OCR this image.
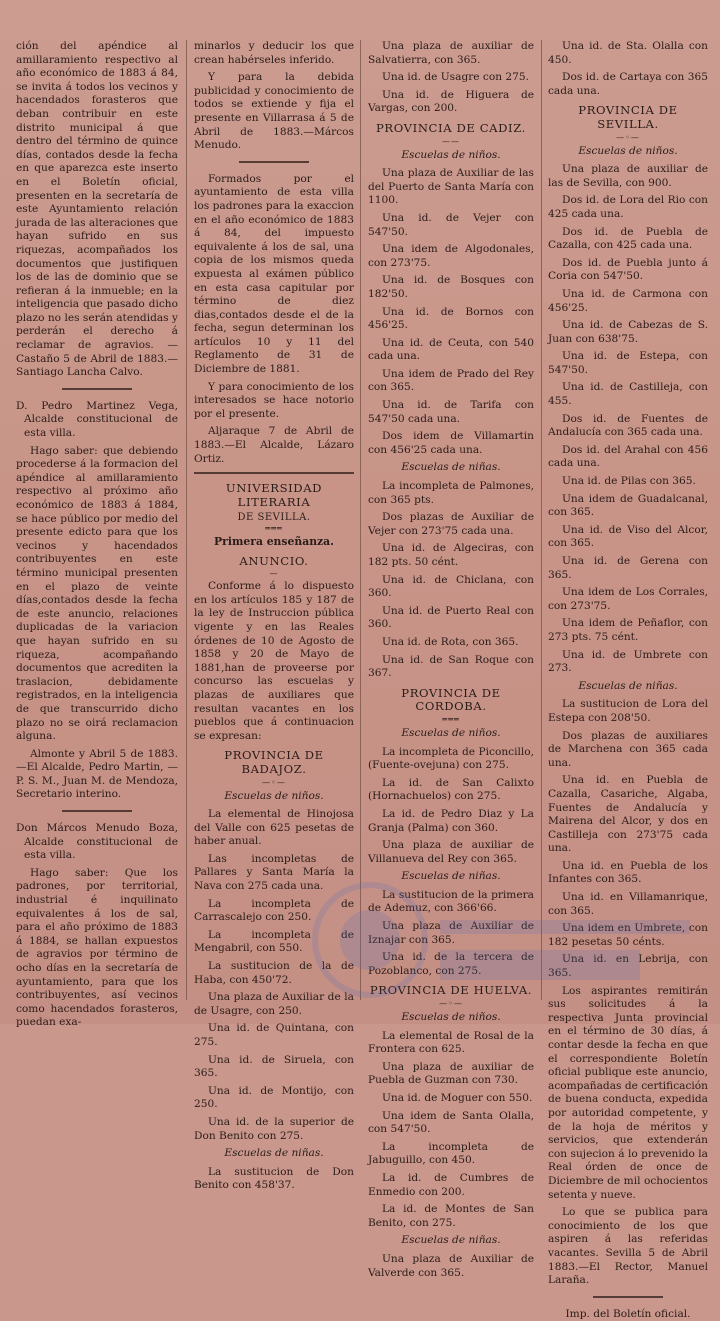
ción del apéndice al amillaramiento respectivo al año económico de 1883 á 84, se invita á todos los vecinos y hacendados forasteros que deban contribuir en este distrito municipal á que dentro del término de quince días, contados desde la fecha en que aparezca este inserto en el Boletín oficial, presenten en la secretaría de este Ayuntamiento relación jurada de las alteraciones que hayan sufrido en sus riquezas, acompañados los documentos que justifiquen los de las de dominio que se refieran á la inmueble; en la inteligencia que pasado dicho plazo no les serán atendidas y perderán el derecho á reclamar de agravios. —Castaño 5 de Abril de 1883.—Santiago Lancha Calvo.

D. Pedro Martinez Vega, Alcalde constitucional de esta villa.

Hago saber: que debiendo procederse á la formacion del apéndice al amillaramiento respectivo al próximo año económico de 1883 á 1884, se hace público por medio del presente edicto para que los vecinos y hacendados contribuyentes en este término municipal presenten en el plazo de veinte días,contados desde la fecha de este anuncio, relaciones duplicadas de la variacion que hayan sufrido en su riqueza, acompañando documentos que acrediten la traslacion, debidamente registrados, en la inteligencia de que transcurrido dicho plazo no se oirá reclamacion alguna.

Almonte y Abril 5 de 1883. —El Alcalde, Pedro Martin, —P. S. M., Juan M. de Mendoza, Secretario interino.

Don Márcos Menudo Boza, Alcalde constitucional de esta villa.

Hago saber: Que los padrones, por territorial, industrial é inquilinato equivalentes á los de sal, para el año próximo de 1883 á 1884, se hallan expuestos de agravios por término de ocho días en la secretaría de ayuntamiento, para que los contribuyentes, así vecinos como hacendados forasteros, puedan exa-

minarlos y deducir los que crean habérseles inferido.

Y para la debida publicidad y conocimiento de todos se extiende y fija el presente en Villarrasa á 5 de Abril de 1883.—Márcos Menudo.

Formados por el ayuntamiento de esta villa los padrones para la exaccion en el año económico de 1883 á 84, del impuesto equivalente á los de sal, una copia de los mismos queda expuesta al exámen público en esta casa capitular por término de diez dias,contados desde el de la fecha, segun determinan los artículos 10 y 11 del Reglamento de 31 de Diciembre de 1881.

Y para conocimiento de los interesados se hace notorio por el presente.

Aljaraque 7 de Abril de 1883.—El Alcalde, Lázaro Ortiz.

UNIVERSIDAD LITERARIA
DE SEVILLA.
═══
Primera enseñanza.
ANUNCIO.
—

Conforme á lo dispuesto en los artículos 185 y 187 de la ley de Instruccion pública vigente y en las Reales órdenes de 10 de Agosto de 1858 y 20 de Mayo de 1881,han de proveerse por concurso las escuelas y plazas de auxiliares que resultan vacantes en los pueblos que á continuacion se expresan:

PROVINCIA DE BADAJOZ.
—◦—
Escuelas de niños.

La elemental de Hinojosa del Valle con 625 pesetas de haber anual.

Las incompletas de Pallares y Santa María la Nava con 275 cada una.

La incompleta de Carrascalejo con 250.

La incompleta de Mengabril, con 550.

La sustitucion de la de Haba, con 450'72.

Una plaza de Auxiliar de la de Usagre, con 250.

Una id. de Quintana, con 275.

Una id. de Siruela, con 365.

Una id. de Montijo, con 250.

Una id. de la superior de Don Benito con 275.

Escuelas de niñas.

La sustitucion de Don Benito con 458'37.

Una plaza de auxiliar de Salvatierra, con 365.

Una id. de Usagre con 275.

Una id. de Higuera de Vargas, con 200.

PROVINCIA DE CADIZ.
——
Escuelas de niños.

Una plaza de Auxiliar de las del Puerto de Santa María con 1100.

Una id. de Vejer con 547'50.

Una idem de Algodonales, con 273'75.

Una id. de Bosques con 182'50.

Una id. de Bornos con 456'25.

Una id. de Ceuta, con 540 cada una.

Una idem de Prado del Rey con 365.

Una id. de Tarifa con 547'50 cada una.

Dos idem de Villamartin con 456'25 cada una.

Escuelas de niñas.

La incompleta de Palmones, con 365 pts.

Dos plazas de Auxiliar de Vejer con 273'75 cada una.

Una id. de Algeciras, con 182 pts. 50 cént.

Una id. de Chiclana, con 360.

Una id. de Puerto Real con 360.

Una id. de Rota, con 365.

Una id. de San Roque con 367.

PROVINCIA DE CORDOBA.
═══
Escuelas de niños.

La incompleta de Piconcillo, (Fuente-ovejuna) con 275.

La id. de San Calixto (Hornachuelos) con 275.

La id. de Pedro Diaz y La Granja (Palma) con 360.

Una plaza de auxiliar de Villanueva del Rey con 365.

Escuelas de niñas.

La sustitucion de la primera de Ademuz, con 366'66.

Una plaza de Auxiliar de Iznajar con 365.

Una id. de la tercera de Pozoblanco, con 275.

PROVINCIA DE HUELVA.
—◦—
Escuelas de niños.

La elemental de Rosal de la Frontera con 625.

Una plaza de auxiliar de Puebla de Guzman con 730.

Una id. de Moguer con 550.

Una idem de Santa Olalla, con 547'50.

La incompleta de Jabuguillo, con 450.

La id. de Cumbres de Enmedio con 200.

La id. de Montes de San Benito, con 275.

Escuelas de niñas.

Una plaza de Auxiliar de Valverde con 365.

Una id. de Sta. Olalla con 450.

Dos id. de Cartaya con 365 cada una.

PROVINCIA DE SEVILLA.
—◦—
Escuelas de niños.

Una plaza de auxiliar de las de Sevilla, con 900.

Dos id. de Lora del Rio con 425 cada una.

Dos id. de Puebla de Cazalla, con 425 cada una.

Dos id. de Puebla junto á Coria con 547'50.

Una id. de Carmona con 456'25.

Una id. de Cabezas de S. Juan con 638'75.

Una id. de Estepa, con 547'50.

Una id. de Castilleja, con 455.

Dos id. de Fuentes de Andalucía con 365 cada una.

Dos id. del Arahal con 456 cada una.

Una id. de Pilas con 365.

Una idem de Guadalcanal, con 365.

Una id. de Viso del Alcor, con 365.

Una id. de Gerena con 365.

Una idem de Los Corrales, con 273'75.

Una idem de Peñaflor, con 273 pts. 75 cént.

Una id. de Umbrete con 273.

Escuelas de niñas.

La sustitucion de Lora del Estepa con 208'50.

Dos plazas de auxiliares de Marchena con 365 cada una.

Una id. en Puebla de Cazalla, Casariche, Algaba, Fuentes de Andalucía y Mairena del Alcor, y dos en Castilleja con 273'75 cada una.

Una id. en Puebla de los Infantes con 365.

Una id. en Villamanrique, con 365.

Una idem en Umbrete, con 182 pesetas 50 cénts.

Una id. en Lebrija, con 365.

Los aspirantes remitirán sus solicitudes á la respectiva Junta provincial en el término de 30 días, á contar desde la fecha en que el correspondiente Boletín oficial publique este anuncio, acompañadas de certificación de buena conducta, expedida por autoridad competente, y de la hoja de méritos y servicios, que extenderán con sujecion á lo prevenido la Real órden de once de Diciembre de mil ochocientos setenta y nueve.

Lo que se publica para conocimiento de los que aspiren á las referidas vacantes. Sevilla 5 de Abril 1883.—El Rector, Manuel Laraña.

Imp. del Boletín oficial.
